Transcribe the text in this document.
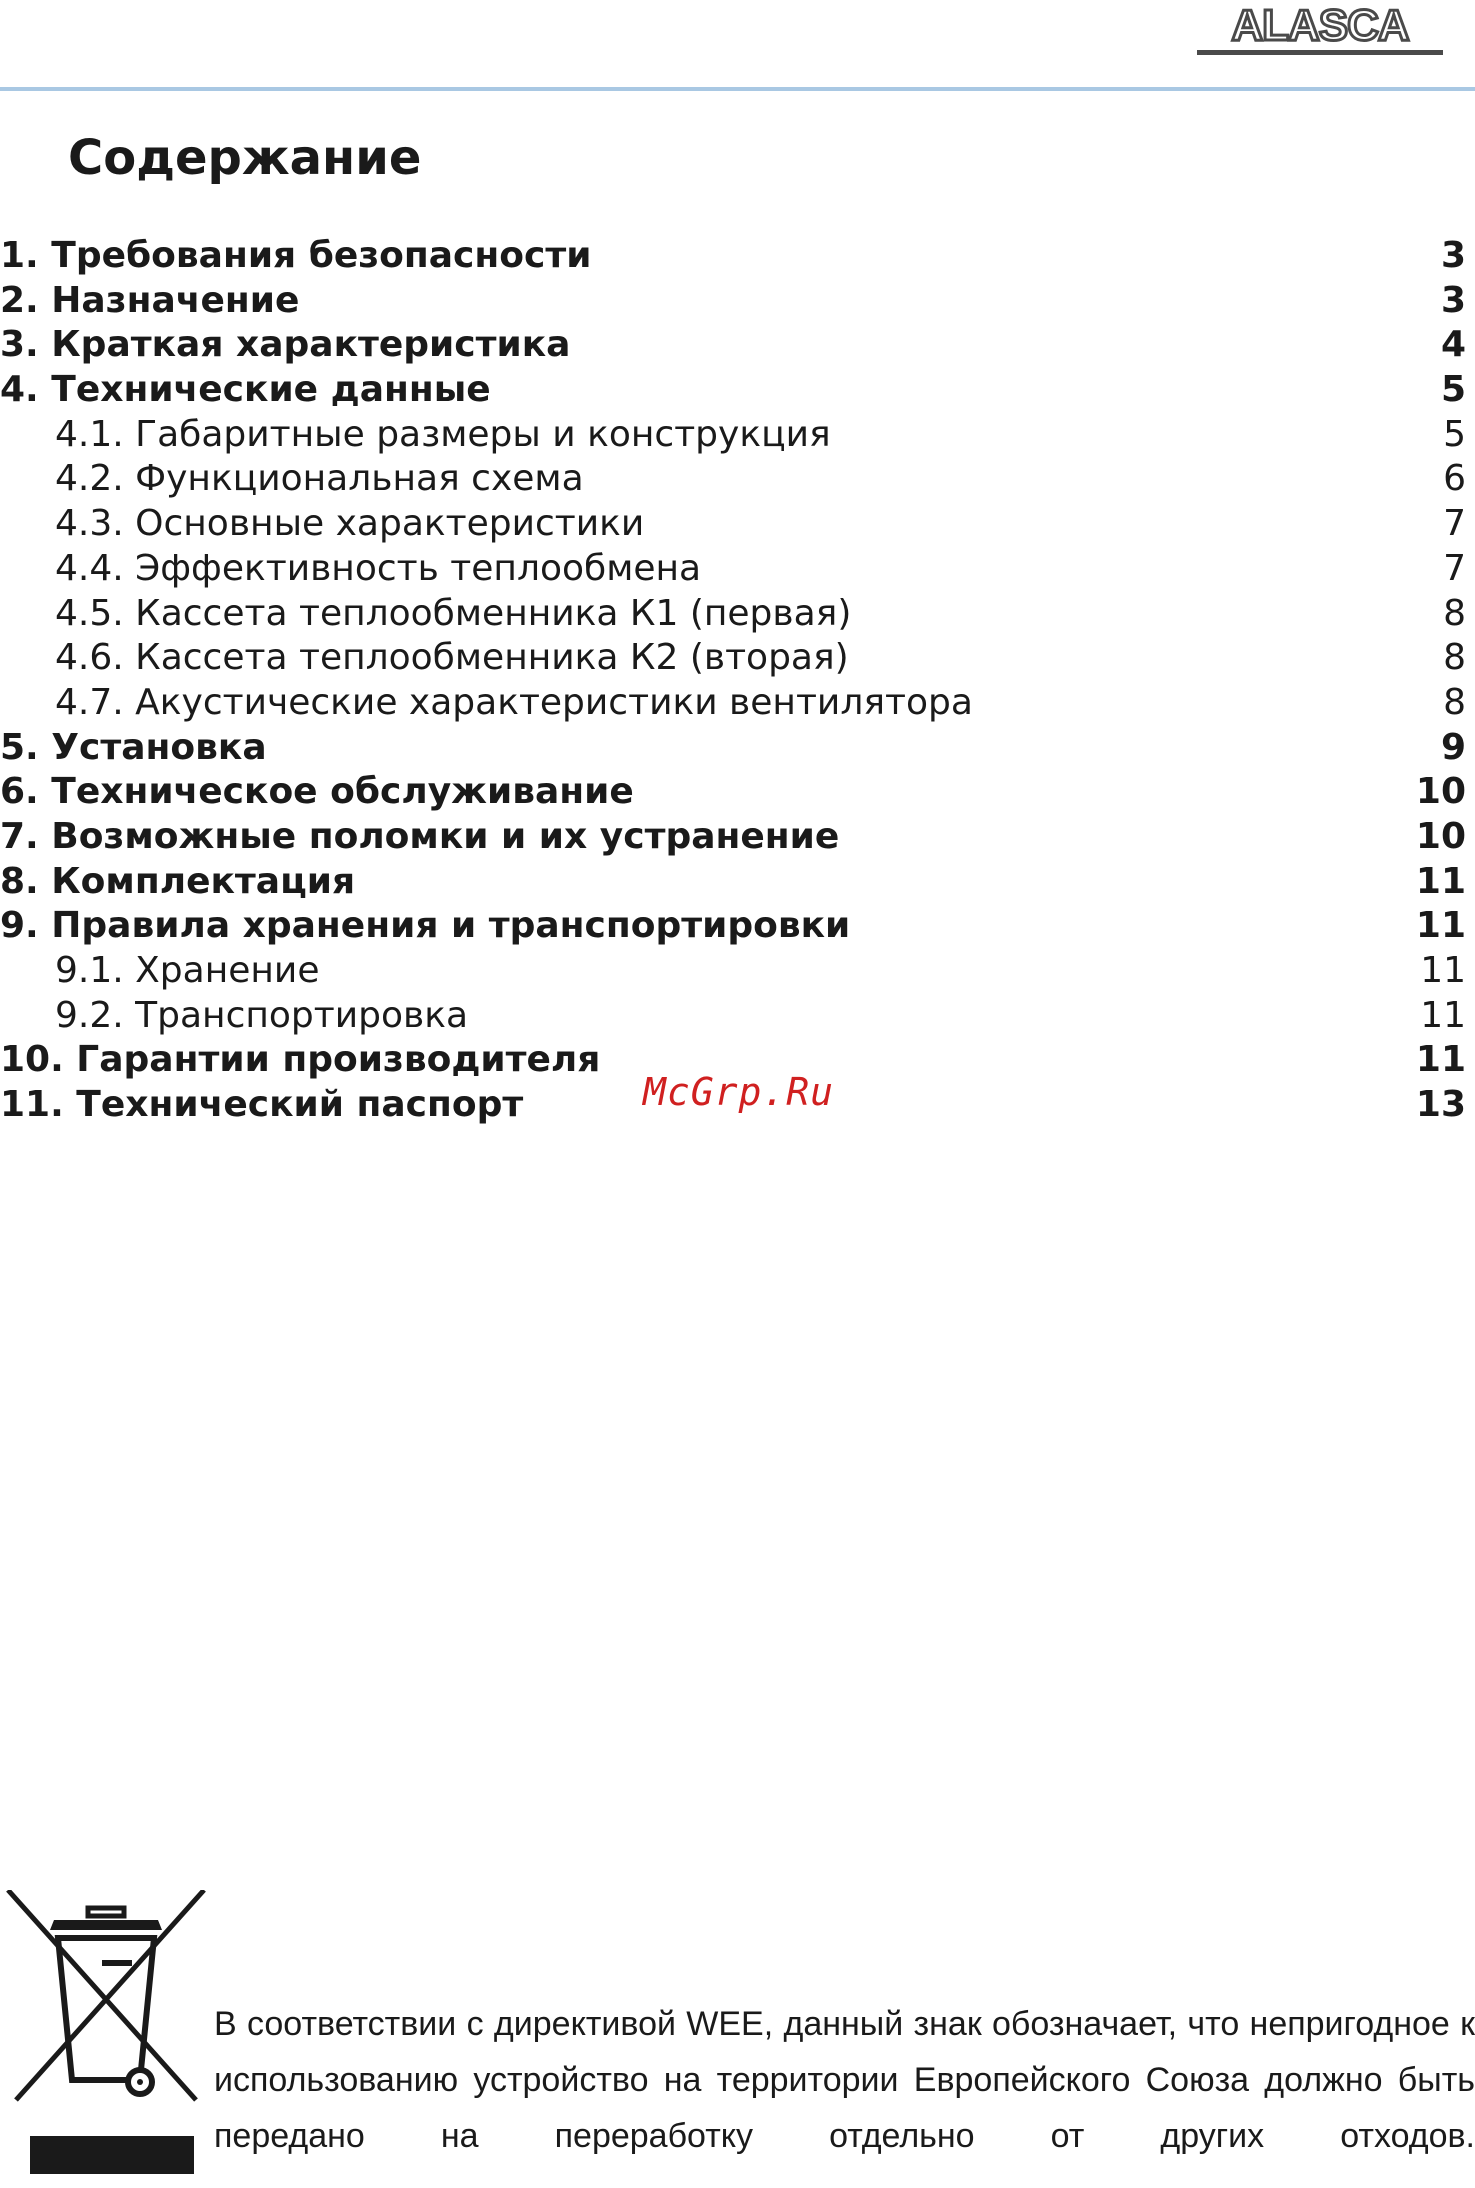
ALASCA
Содержание
1. Требования безопасности	3
2. Назначение	3
3. Краткая характеристика	4
4. Технические данные	5
4.1. Габаритные размеры и конструкция	5
4.2. Функциональная схема	6
4.3. Основные характеристики	7
4.4. Эффективность теплообмена	7
4.5. Кассета теплообменника К1 (первая)	8
4.6. Кассета теплообменника К2 (вторая)	8
4.7. Акустические характеристики вентилятора	8
5. Установка	9
6. Техническое обслуживание	10
7. Возможные поломки и их устранение	10
8. Комплектация	11
9. Правила хранения и транспортировки	11
9.1. Хранение	11
9.2. Транспортировка	11
10. Гарантии производителя	11
11. Технический паспорт	13
McGrp.Ru

В соответствии с директивой WEE, данный знак обозначает, что непригодное к использованию устройство на территории Европейского Союза должно быть передано на переработку отдельно от других отходов.
